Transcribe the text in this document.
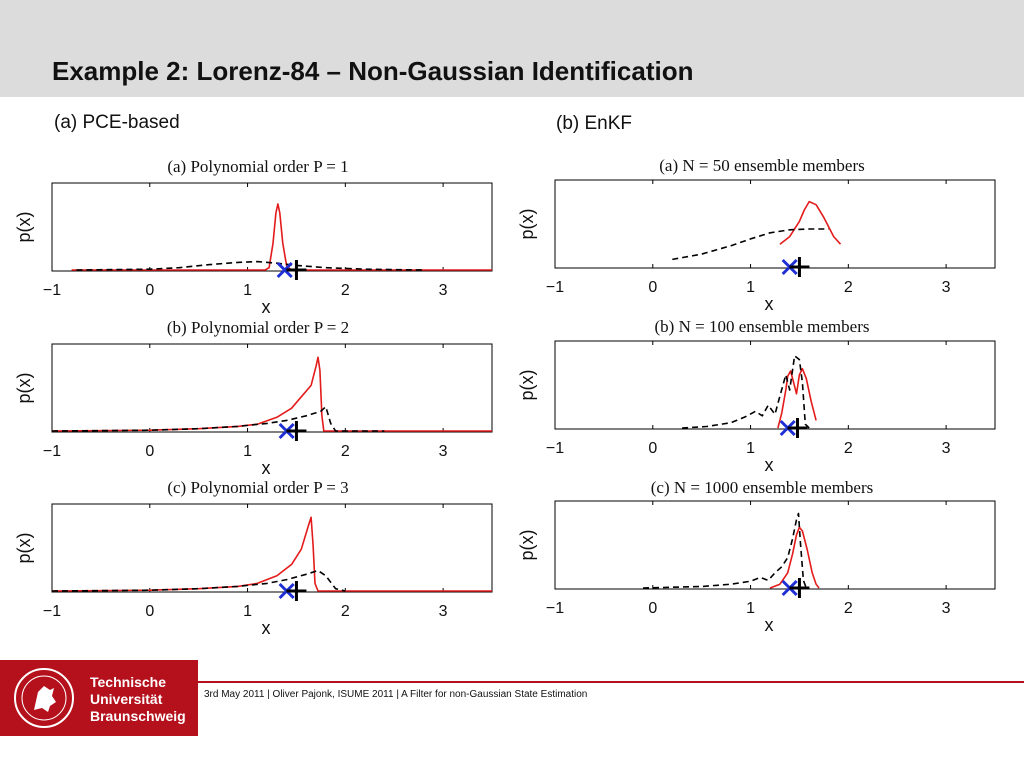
Example 2: Lorenz-84 – Non-Gaussian Identification
(a) PCE-based	(b) EnKF
(a) Polynomial order P = 1
−1	0	1	2	3
x
p(x)
(b) Polynomial order P = 2
−1	0	1	2	3
x
p(x)
(c) Polynomial order P = 3
−1	0	1	2	3
x
p(x)
(a) N = 50 ensemble members
−1	0	1	2	3
x
p(x)
(b) N = 100 ensemble members
−1	0	1	2	3
x
p(x)
(c) N = 1000 ensemble members
−1	0	1	2	3
x
p(x)
Technische
Universität
Braunschweig
3rd May 2011 | Oliver Pajonk, ISUME 2011 | A Filter for non-Gaussian State Estimation
